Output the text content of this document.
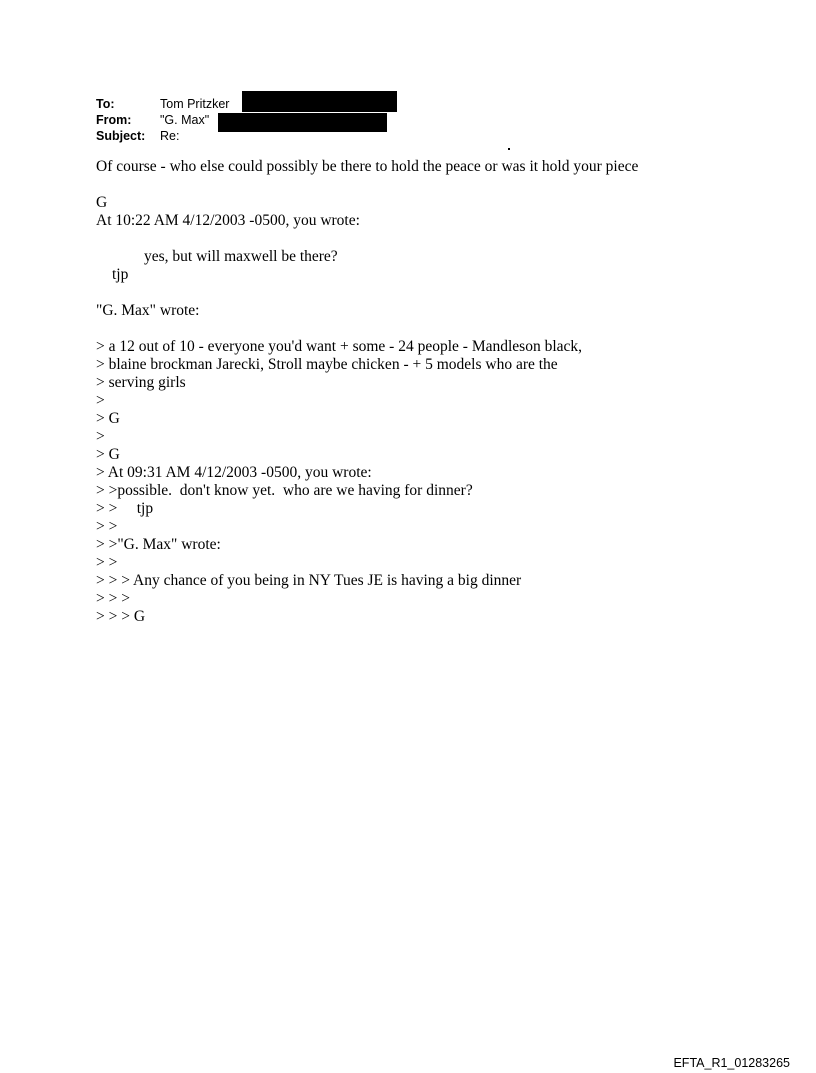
To:	Tom Pritzker
From: "G. Max"
Subject: Re:
Of course - who else could possibly be there to hold the peace or was it hold your piece
G
At 10:22 AM 4/12/2003 -0500, you wrote:
yes, but will maxwell be there?
tjp
"G. Max" wrote:
> a 12 out of 10 - everyone you'd want + some - 24 people - Mandleson black,
> blaine brockman Jarecki, Stroll maybe chicken - + 5 models who are the
> serving girls
>
> G
>
> G
> At 09:31 AM 4/12/2003 -0500, you wrote:
> >possible.  don't know yet.  who are we having for dinner?
> >     tjp
> >
> >"G. Max" wrote:
> >
> > > Any chance of you being in NY Tues JE is having a big dinner
> > >
> > > G
EFTA_R1_01283265
